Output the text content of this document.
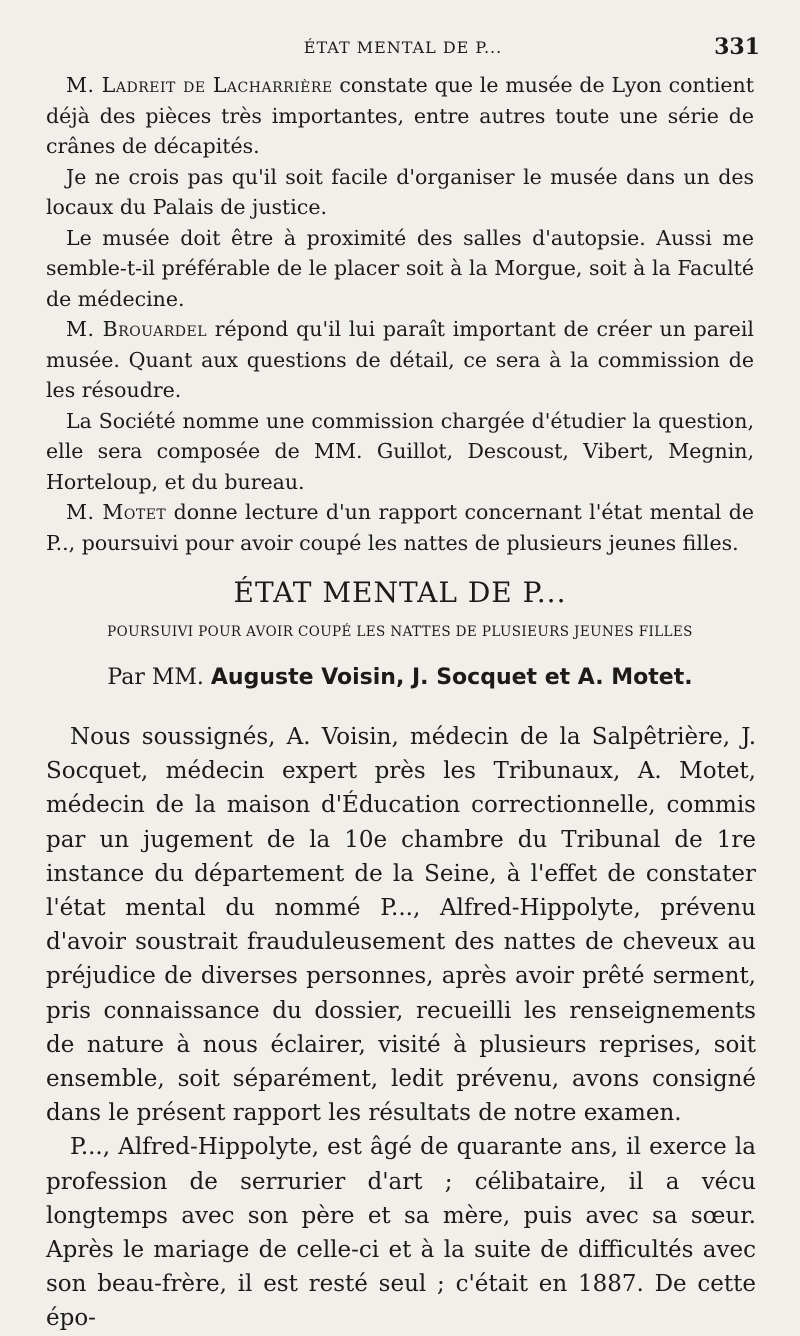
ÉTAT MENTAL DE P...	331

M. Ladreit de Lacharrière constate que le musée de Lyon contient déjà des pièces très importantes, entre autres toute une série de crânes de décapités.

Je ne crois pas qu'il soit facile d'organiser le musée dans un des locaux du Palais de justice.

Le musée doit être à proximité des salles d'autopsie. Aussi me semble-t-il préférable de le placer soit à la Morgue, soit à la Faculté de médecine.

M. Brouardel répond qu'il lui paraît important de créer un pareil musée. Quant aux questions de détail, ce sera à la commission de les résoudre.

La Société nomme une commission chargée d'étudier la question, elle sera composée de MM. Guillot, Descoust, Vibert, Megnin, Horteloup, et du bureau.

M. Motet donne lecture d'un rapport concernant l'état mental de P.., poursuivi pour avoir coupé les nattes de plusieurs jeunes filles.

ÉTAT MENTAL DE P...
POURSUIVI POUR AVOIR COUPÉ LES NATTES DE PLUSIEURS JEUNES FILLES
Par MM. Auguste Voisin, J. Socquet et A. Motet.

Nous soussignés, A. Voisin, médecin de la Salpêtrière, J. Socquet, médecin expert près les Tribunaux, A. Motet, médecin de la maison d'Éducation correctionnelle, commis par un jugement de la 10e chambre du Tribunal de 1re instance du département de la Seine, à l'effet de constater l'état mental du nommé P..., Alfred-Hippolyte, prévenu d'avoir soustrait frauduleusement des nattes de cheveux au préjudice de diverses personnes, après avoir prêté serment, pris connaissance du dossier, recueilli les renseignements de nature à nous éclairer, visité à plusieurs reprises, soit ensemble, soit séparément, ledit prévenu, avons consigné dans le présent rapport les résultats de notre examen.

P..., Alfred-Hippolyte, est âgé de quarante ans, il exerce la profession de serrurier d'art ; célibataire, il a vécu longtemps avec son père et sa mère, puis avec sa sœur. Après le mariage de celle-ci et à la suite de difficultés avec son beau-frère, il est resté seul ; c'était en 1887. De cette épo-
